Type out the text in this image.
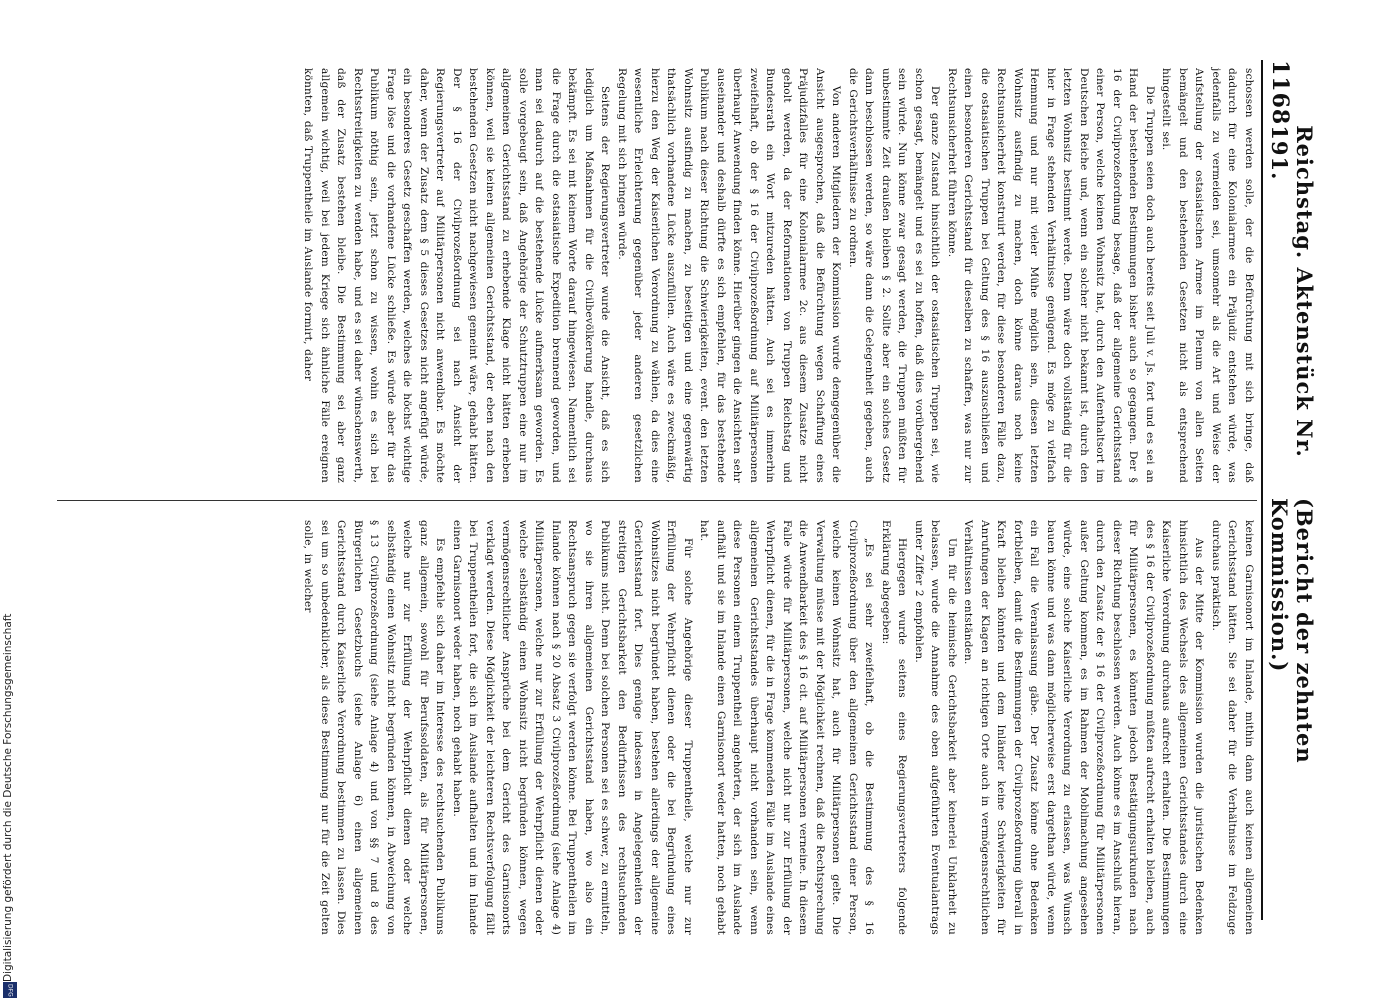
1168
Reichstag. Aktenstück Nr. 191.
(Bericht der zehnten Kommission.)

schossen werden solle, der die Befürchtung mit sich bringe, daß dadurch für eine Kolonialarmee ein Präjudiz entstehen würde, was jedenfalls zu vermeiden sei, umsomehr als die Art und Weise der Aufstellung der ostasiatischen Armee im Plenum von allen Seiten bemängelt und den bestehenden Gesetzen nicht als entsprechend hingestellt sei.

Die Truppen seien doch auch bereits seit Juli v. Js. fort und es sei an Hand der bestehenden Bestimmungen bisher auch so gegangen. Der § 16 der Civilprozeßordnung besage, daß der allgemeine Gerichtsstand einer Person, welche keinen Wohnsitz hat, durch den Aufenthaltsort im Deutschen Reiche und, wenn ein solcher nicht bekannt ist, durch den letzten Wohnsitz bestimmt werde. Denn wäre doch vollständig für die hier in Frage stehenden Verhältnisse genügend. Es möge zu vielfach Hemmung und nur mit vieler Mühe möglich sein, diesen letzten Wohnsitz ausfindig zu machen, doch könne daraus noch keine Rechtsunsicherheit konstruirt werden, für diese besonderen Fälle dazu, die ostasiatischen Truppen bei Geltung des § 16 auszuschließen und einen besonderen Gerichtsstand für dieselben zu schaffen, was nur zur Rechtsunsicherheit führen könne.

Der ganze Zustand hinsichtlich der ostasiatischen Truppen sei, wie schon gesagt, bemängelt und es sei zu hoffen, daß dies vorübergehend sein würde. Nun könne zwar gesagt werden, die Truppen müßten für unbestimmte Zeit draußen bleiben § 2. Sollte aber ein solches Gesetz dann beschlossen werden, so wäre dann die Gelegenheit gegeben, auch die Gerichtsverhältnisse zu ordnen.

Von anderen Mitgliedern der Kommission wurde demgegenüber die Ansicht ausgesprochen, daß die Befürchtung wegen Schaffung eines Präjudizfalles für eine Kolonialarmee 2c. aus diesem Zusatze nicht geholt werden, da der Reformationen von Truppen Reichstag und Bundesrath ein Wort mitzureden hätten. Auch sei es immerhin zweifelhaft, ob der § 16 der Civilprozeßordnung auf Militärpersonen überhaupt Anwendung finden könne. Hierüber gingen die Ansichten sehr auseinander und deshalb dürfte es sich empfehlen, für das bestehende Publikum nach dieser Richtung die Schwierigkeiten, event. den letzten Wohnsitz ausfindig zu machen, zu beseitigen und eine gegenwärtig thatsächlich vorhandene Lücke auszufüllen. Auch wäre es zweckmäßig, hierzu den Weg der Kaiserlichen Verordnung zu wählen, da dies eine wesentliche Erleichterung gegenüber jeder anderen gesetzlichen Regelung mit sich bringen würde.

Seitens der Regierungsvertreter wurde die Ansicht, daß es sich lediglich um Maßnahmen für die Civilbevölkerung handle, durchaus bekämpft. Es sei mit keinem Worte darauf hingewiesen. Namentlich sei die Frage durch die ostasiatische Expedition brennend geworden, und man sei dadurch auf die bestehende Lücke aufmerksam geworden. Es solle vorgebeugt sein, daß Angehörige der Schutztruppen eine nur im allgemeinen Gerichtsstand zu erhebende Klage nicht hätten erheben können, weil sie keinen allgemeinen Gerichtsstand, der eben nach den bestehenden Gesetzen nicht nachgewiesen gemeint wäre, gehabt hätten. Der § 16 der Civilprozeßordnung sei nach Ansicht der Regierungsvertreter auf Militärpersonen nicht anwendbar. Es möchte daher, wenn der Zusatz dem § 5 dieses Gesetzes nicht angefügt würde, ein besonderes Gesetz geschaffen werden, welches die höchst wichtige Frage löse und die vorhandene Lücke schließe. Es würde aber für das Publikum nöthig sein, jetzt schon zu wissen, wohin es sich bei Rechtsstreitigkeiten zu wenden habe, und es sei daher wünschenswerth, daß der Zusatz bestehen bleibe. Die Bestimmung sei aber ganz allgemein wichtig, weil bei jedem Kriege sich ähnliche Fälle ereignen könnten, daß Truppentheile im Auslande formirt, daher

keinen Garnisonort im Inlande, mithin dann auch keinen allgemeinen Gerichtsstand hätten. Sie sei daher für die Verhältnisse im Feldzuge durchaus praktisch.

Aus der Mitte der Kommission wurden die juristischen Bedenken hinsichtlich des Wechsels des allgemeinen Gerichtsstandes durch eine Kaiserliche Verordnung durchaus aufrecht erhalten. Die Bestimmungen des § 16 der Civilprozeßordnung müßten aufrecht erhalten bleiben, auch für Militärpersonen, es könnten jedoch Bestätigungsurkunden nach dieser Richtung beschlossen werden. Auch könne es im Anschluß hieran, durch den Zusatz der § 16 der Civilprozeßordnung für Militärpersonen außer Geltung kommen, es im Rahmen der Mobilmachung angesehen würde, eine solche Kaiserliche Verordnung zu erlassen, was Wunsch bauen könne und was dann möglicherweise erst dargethan würde, wenn ein Fall die Veranlassung gäbe. Der Zusatz könne ohne Bedenken fortbleiben, damit die Bestimmungen der Civilprozeßordnung überall in Kraft bleiben könnten und dem Inländer keine Schwierigkeiten für Anrufungen der Klagen an richtigen Orte auch in vermögensrechtlichen Verhältnissen entständen.

Um für die heimische Gerichtsbarkeit aber keinerlei Unklarheit zu belassen, wurde die Annahme des oben aufgeführten Eventualantrags unter Ziffer 2 empfohlen.

Hiergegen wurde seitens eines Regierungsvertreters folgende Erklärung abgegeben:

„Es sei sehr zweifelhaft, ob die Bestimmung des § 16 Civilprozeßordnung über den allgemeinen Gerichtsstand einer Person, welche keinen Wohnsitz hat, auch für Militärpersonen gelte. Die Verwaltung müsse mit der Möglichkeit rechnen, daß die Rechtsprechung die Anwendbarkeit des § 16 cit. auf Militärpersonen verneine. In diesem Falle würde für Militärpersonen, welche nicht nur zur Erfüllung der Wehrpflicht dienen, für die in Frage kommenden Fälle im Auslande eines allgemeinen Gerichtsstandes überhaupt nicht vorhanden sein, wenn diese Personen einem Truppentheil angehörten, der sich im Auslande aufhält und sie im Inlande einen Garnisonort weder hatten, noch gehabt hat.

Für solche Angehörige dieser Truppentheile, welche nur zur Erfüllung der Wehrpflicht dienen oder die bei Begründung eines Wohnsitzes nicht begründet haben, bestehen allerdings der allgemeine Gerichtsstand fort. Dies genüge indessen in Angelegenheiten der streitigen Gerichtsbarkeit den Bedürfnissen des rechtsuchenden Publikums nicht. Denn bei solchen Personen sei es schwer, zu ermitteln, wo sie ihren allgemeinen Gerichtsstand haben, wo also ein Rechtsanspruch gegen sie verfolgt werden könne. Bei Truppentheilen im Inlande können nach § 20 Absatz 3 Civilprozeßordnung (siehe Anlage 4) Militärpersonen, welche nur zur Erfüllung der Wehrpflicht dienen oder welche selbständig einen Wohnsitz nicht begründen können, wegen vermögensrechtlicher Ansprüche bei dem Gericht des Garnisonorts verklagt werden. Diese Möglichkeit der leichteren Rechtsverfolgung fällt bei Truppentheilen fort, die sich im Auslande aufhalten und im Inlande einen Garnisonort weder haben, noch gehabt haben.

Es empfehle sich daher im Interesse des rechtsuchenden Publikums ganz allgemein, sowohl für Berufssoldaten, als für Militärpersonen, welche nur zur Erfüllung der Wehrpflicht dienen oder welche selbständig einen Wohnsitz nicht begründen können, in Abweichung von § 13 Civilprozeßordnung (siehe Anlage 4) und von §§ 7 und 8 des Bürgerlichen Gesetzbuchs (siehe Anlage 6) einen allgemeinen Gerichtsstand durch Kaiserliche Verordnung bestimmen zu lassen. Dies sei um so unbedenklicher, als diese Bestimmung nur für die Zeit gelten solle, in welcher

Digitalisierung gefördert durch die Deutsche Forschungsgemeinschaft
DFG
